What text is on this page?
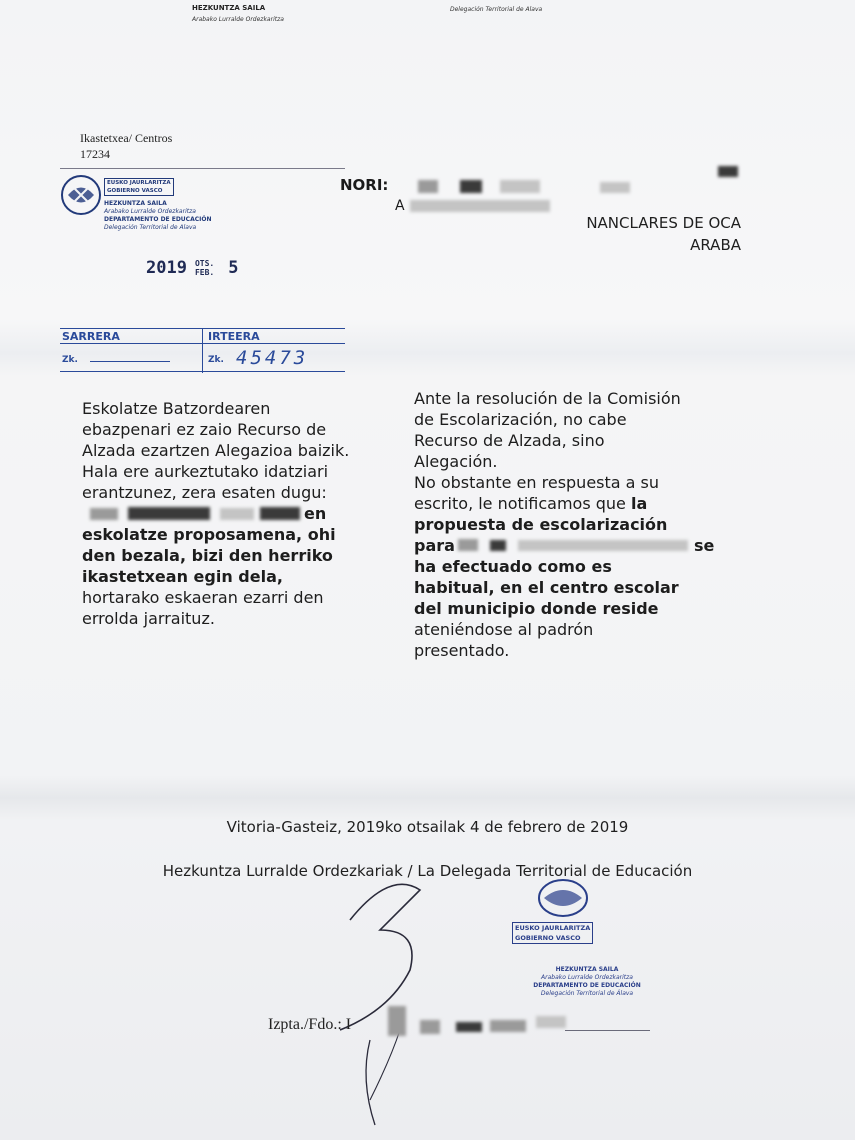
HEZKUNTZA SAILA
Arabako Lurralde Ordezkaritza
Delegación Territorial de Alava
Ikastetxea/ Centros
17234
EUSKO JAURLARITZA
GOBIERNO VASCO
HEZKUNTZA SAILA
Arabako Lurralde Ordezkaritza
DEPARTAMENTO DE EDUCACIÓN
Delegación Territorial de Alava
2019 OTS.
FEB. 5
NORI:
A
NANCLARES DE OCA
ARABA
SARRERA	IRTEERA
Zk.	Zk. 45473
Eskolatze Batzordearen
ebazpenari ez zaio Recurso de
Alzada ezartzen Alegazioa baizik.
Hala ere aurkeztutako idatziari
erantzunez, zera esaten dugu:
en
eskolatze proposamena, ohi
den bezala, bizi den herriko
ikastetxean egin dela,
hortarako eskaeran ezarri den
errolda jarraituz.
Ante la resolución de la Comisión
de Escolarización, no cabe
Recurso de Alzada, sino
Alegación.
No obstante en respuesta a su
escrito, le notificamos que la
propuesta de escolarización
para	se
ha efectuado como es
habitual, en el centro escolar
del municipio donde reside
ateniéndose al padrón
presentado.
Vitoria-Gasteiz, 2019ko otsailak 4 de febrero de 2019
Hezkuntza Lurralde Ordezkariak / La Delegada Territorial de Educación
EUSKO JAURLARITZA
GOBIERNO VASCO
HEZKUNTZA SAILA
Arabako Lurralde Ordezkaritza
DEPARTAMENTO DE EDUCACIÓN
Delegación Territorial de Álava
Izpta./Fdo.: I
